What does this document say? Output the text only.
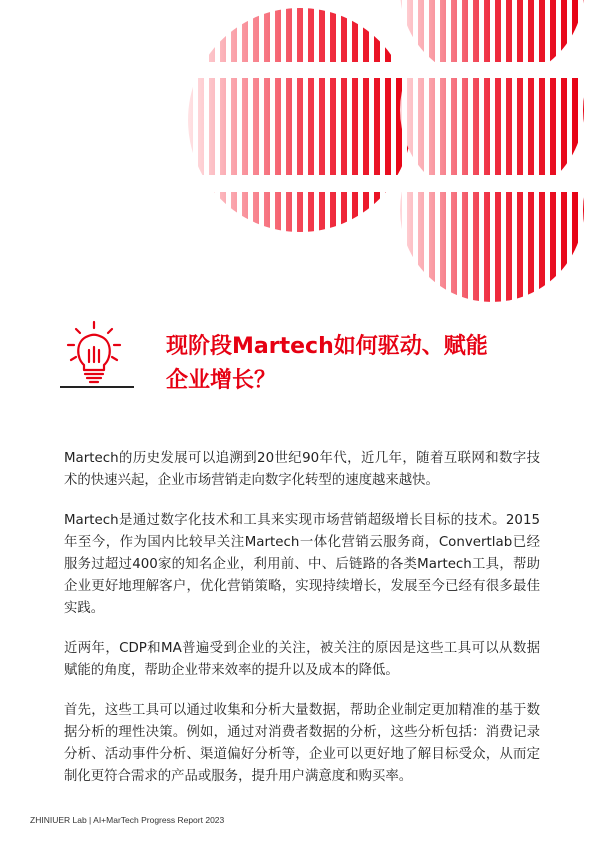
现阶段Martech如何驱动、赋能
企业增长？

Martech的历史发展可以追溯到20世纪90年代，近几年，随着互联网和数字技术的快速兴起，企业市场营销走向数字化转型的速度越来越快。

Martech是通过数字化技术和工具来实现市场营销超级增长目标的技术。2015年至今，作为国内比较早关注Martech一体化营销云服务商，Convertlab已经服务过超过400家的知名企业，利用前、中、后链路的各类Martech工具，帮助企业更好地理解客户，优化营销策略，实现持续增长，发展至今已经有很多最佳实践。

近两年，CDP和MA普遍受到企业的关注，被关注的原因是这些工具可以从数据赋能的角度，帮助企业带来效率的提升以及成本的降低。

首先，这些工具可以通过收集和分析大量数据，帮助企业制定更加精准的基于数据分析的理性决策。例如，通过对消费者数据的分析，这些分析包括：消费记录分析、活动事件分析、渠道偏好分析等，企业可以更好地了解目标受众，从而定制化更符合需求的产品或服务，提升用户满意度和购买率。

ZHINIUER Lab | AI+MarTech Progress Report 2023
